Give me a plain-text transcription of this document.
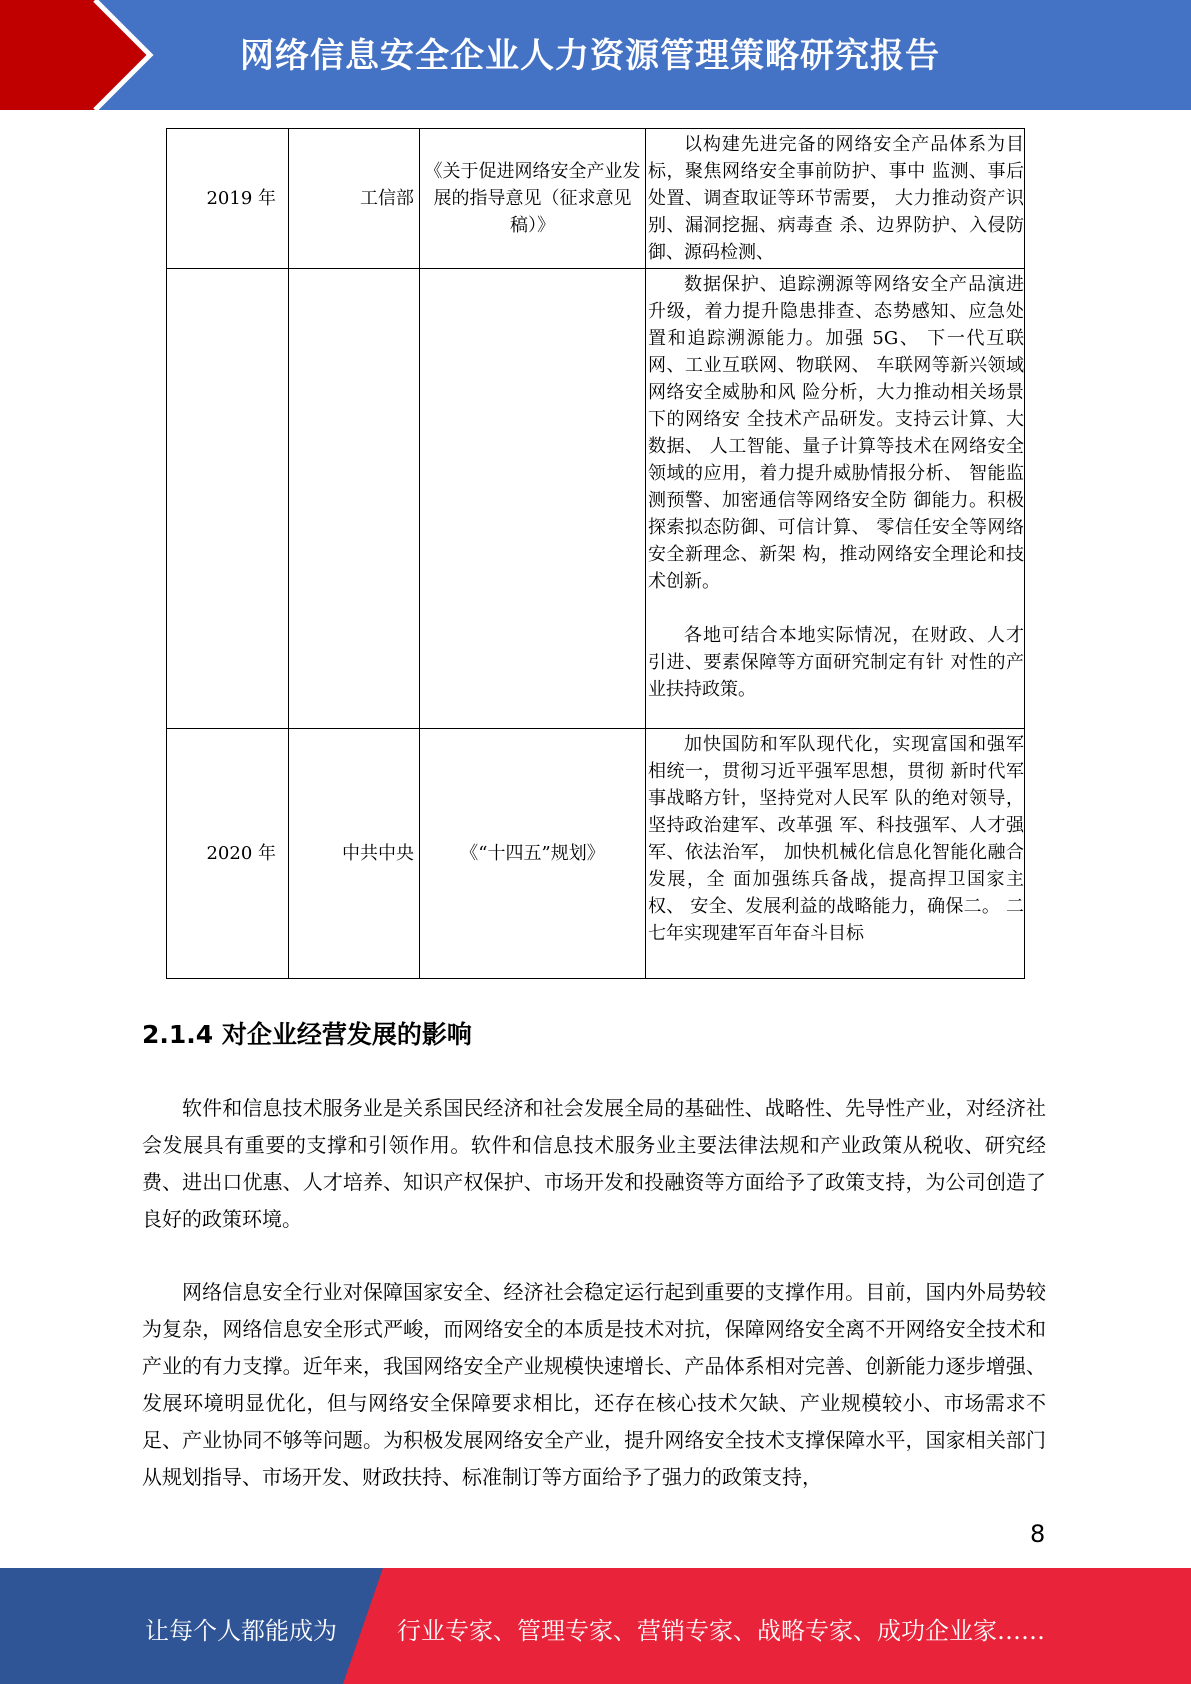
网络信息安全企业人力资源管理策略研究报告
2019 年	工信部	《关于促进网络安全产业发展的指导意见（征求意见稿）》	以构建先进完备的网络安全产品体系为目标，聚焦网络安全事前防护、事中 监测、事后处置、调查取证等环节需要， 大力推动资产识别、漏洞挖掘、病毒查 杀、边界防护、入侵防御、源码检测、

			数据保护、追踪溯源等网络安全产品演进升级，着力提升隐患排查、态势感知、应急处置和追踪溯源能力。加强 5G、 下一代互联网、工业互联网、物联网、 车联网等新兴领域网络安全威胁和风 险分析，大力推动相关场景下的网络安 全技术产品研发。支持云计算、大数据、 人工智能、量子计算等技术在网络安全 领域的应用，着力提升威胁情报分析、 智能监测预警、加密通信等网络安全防 御能力。积极探索拟态防御、可信计算、 零信任安全等网络安全新理念、新架 构，推动网络安全理论和技术创新。

各地可结合本地实际情况，在财政、人才引进、要素保障等方面研究制定有针 对性的产业扶持政策。

2020 年	中共中央	《“十四五”规划》	加快国防和军队现代化，实现富国和强军相统一，贯彻习近平强军思想，贯彻 新时代军事战略方针，坚持党对人民军 队的绝对领导，坚持政治建军、改革强 军、科技强军、人才强军、依法治军， 加快机械化信息化智能化融合发展，全 面加强练兵备战，提高捍卫国家主权、 安全、发展利益的战略能力，确保二。 二七年实现建军百年奋斗目标

2.1.4 对企业经营发展的影响

软件和信息技术服务业是关系国民经济和社会发展全局的基础性、战略性、先导性产业，对经济社会发展具有重要的支撑和引领作用。软件和信息技术服务业主要法律法规和产业政策从税收、研究经费、进出口优惠、人才培养、知识产权保护、市场开发和投融资等方面给予了政策支持，为公司创造了良好的政策环境。

网络信息安全行业对保障国家安全、经济社会稳定运行起到重要的支撑作用。目前，国内外局势较为复杂，网络信息安全形式严峻，而网络安全的本质是技术对抗，保障网络安全离不开网络安全技术和产业的有力支撑。近年来，我国网络安全产业规模快速增长、产品体系相对完善、创新能力逐步增强、发展环境明显优化，但与网络安全保障要求相比，还存在核心技术欠缺、产业规模较小、市场需求不足、产业协同不够等问题。为积极发展网络安全产业，提升网络安全技术支撑保障水平，国家相关部门从规划指导、市场开发、财政扶持、标准制订等方面给予了强力的政策支持，

8
让每个人都能成为	行业专家、管理专家、营销专家、战略专家、成功企业家……
